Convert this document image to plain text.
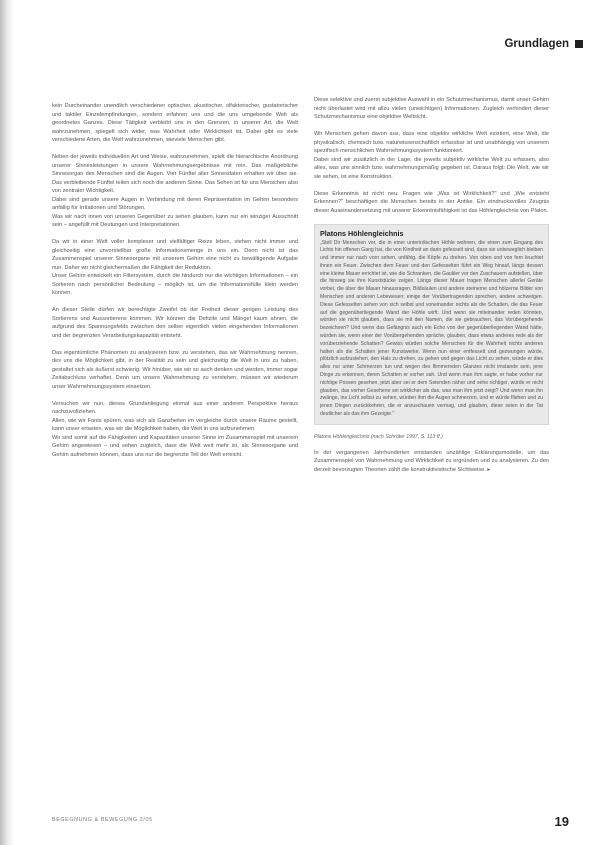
Grundlagen

kein Durcheinander unendlich verschiedener optischer, akustischer, olfaktorischer, gustatorischer und taktiler Einzelempfindungen, sondern erfahren uns und die uns umgebende Welt als geordnetes Ganzes. Diese Tätigkeit verbleibt uns in den Grenzen, in unserer Art, die Welt wahrzunehmen, spiegelt sich wider, was Wahrheit oder Wirklichkeit ist. Dabei gibt es viele verschiedene Arten, die Welt wahrzunehmen, wieviele Menschen gibt.

Neben der jeweils individuellen Art und Weise, wahrzunehmen, spielt die hierarchische Anordnung unserer Sinnesleistungen in unsere Wahrnehmungsergebnisse mit rein. Das maßgebliche Sinnesorgan des Menschen sind die Augen. Vier Fünftel aller Sinnesdaten erhalten wir über sie. Das verbleibende Fünftel teilen sich noch die anderen Sinne. Das Sehen ist für uns Menschen also von zentraler Wichtigkeit.

Dabei sind gerade unsere Augen in Verbindung mit deren Repräsentation im Gehirn besonders anfällig für Irritationen und Störungen.

Was wir nach innen von unseren Gegenüber zu sehen glauben, kann nur ein winziger Ausschnitt sein – angefüllt mit Deutungen und Interpretationen.

Da wir in einer Welt voller komplexer und vielfältiger Reize leben, stehen nicht immer und gleichzeitig eine unvorstellbar große Informationsmenge in uns ein. Denn nicht ist das Zusammenspiel unserer Sinnesorgane mit unserem Gehirn eine nicht zu bewältigende Aufgabe nun. Daher wir nicht gleichermaßen die Fähigkeit der Reduktion.

Unser Gehirn entwickelt ein Filtersystem, durch die hindurch nur die wichtigen Informationen – ein Sortieren nach persönlicher Bedeutung – möglich ist, um die Informationsfülle klein werden können.

An dieser Stelle dürfen wir berechtigte Zweifel ob der Freiheit dieser gerigen Leistung des Sortierens und Aussortierens kommen. Wir können die Defizite und Mängel kaum ahnen, die aufgrund des Spannungsfelds zwischen den selber eigentlich vielen eingehenden Informationen und der begrenzten Verarbeitungskapazität entsteht.

Das eigentümliche Phänomen zu analysieren bzw. zu verstehen, das wir Wahrnehmung nennen, des uns die Möglichkeit gibt, in der Realität zu sein und gleichzeitig die Welt in uns zu haben, gestaltet sich als äußerst schwierig. Wir hinüber, wie wir so auch denken und werden, immer sogar Zeitabschluss verhaftet. Denn um unsere Wahrnehmung zu verstehen, müssen wir wiederum unser Wahrnehmungssystem einsetzen.

Versuchen wir nun, dieses Grundanliegung einmal aus einer anderen Perspektive heraus nachzuvollziehen.

Allen, wie wir Fonts spüren, was sich als Ganzheiten im vergleiche durch unsere Räume gestellt, kann unser ertasten, was wir die Möglichkeit haben, die Welt in uns aufzunehmen.

Wir sind somit auf die Fähigkeiten und Kapazitäten unserer Sinne im Zusammenspiel mit unserem Gehirn angewiesen – und sehen zugleich, dass die Welt weit mehr ist, als Sinnesorgane und Gehirn aufnehmen können, dass uns nur die begrenzte Teil der Welt erreicht.

Diese selektive und zuerst subjektive Auswahl in ein Schutzmechanismus, damit unser Gehirn nicht überlastet wird mit allzu vielen (unwichtigen) Informationen. Zugleich verhindert dieser Schutzmechanismus eine objektive Weltsicht.

Wir Menschen gehen davon aus, dass eine objektiv wirkliche Welt existiert, eine Welt, die physikalisch, chemisch bzw. naturwissenschaftlich erfassbar ist und unabhängig von unserem spezifisch menschlichen Wahrnehmungssystem funktioniert.

Dabei sind wir zusätzlich in der Lage, die jeweils subjektiv wirkliche Welt zu erfassen, also alles, was uns sinnlich bzw. wahrnehmungsmäßig gegeben ist. Daraus folgt: Die Welt, wie wir sie sehen, ist eine Konstruktion.

Diese Erkenntnis ist nicht neu. Fragen wie „Was ist Wirklichkeit?" und „Wie entsteht Erkennen?" beschäftigen die Menschen bereits in der Antike. Ein eindrucksvolles Zeugnis dieser Auseinandersetzung mit unserer Erkenntnisfähigkeit ist das Höhlengleichnis von Platon.

Platons Höhlengleichnis
„Stell Dir Menschen vor, die in einer unterirdischen Höhle wohnen, die einen zum Eingang des Lichts hin offenen Gang hat, die von Kindheit an darin gefesselt sind, dass sie unbeweglich bleiben und immer nur nach vorn sehen, unfähig, die Köpfe zu drehen. Von oben und von fern leuchtet ihnen ein Feuer. Zwischen dem Feuer und den Gefesselten führt ein Weg hinauf, längs dessen eine kleine Mauer errichtet ist, wie die Schranken, die Gaukler vor den Zuschauern aufstellen, über die hinweg sie ihre Kunststücke zeigen. Längs dieser Mauer tragen Menschen allerlei Geräte vorbei, die über die Mauer hinausragen, Bildsäulen und andere steinerne und hölzerne Bilder von Menschen und anderen Lebewesen; einige der Vorübertragenden sprechen, andere schweigen. Diese Gefesselten sehen von sich selbst und voneinander nichts als die Schatten, die das Feuer auf die gegenüberliegende Wand der Höhle wirft. Und wenn sie miteinander reden könnten, würden sie nicht glauben, dass sie mit den Namen, die sie gebrauchen, das Vorübergehende bezeichnen? Und wenn das Gefängnis auch ein Echo von der gegenüberliegenden Wand hätte, würden sie, wenn einer der Vorübergehenden spräche, glauben, dass etwas anderes rede als der vorüberziehende Schatten? Gewiss würden solche Menschen für die Wahrheit nichts anderes halten als die Schatten jener Kunstwerke. Wenn nun einer entfesselt und gezwungen würde, plötzlich aufzustehen, den Hals zu drehen, zu gehen und gegen das Licht zu sehen, würde er dies alles nur unter Schmerzen tun und wegen des flimmernden Glanzes nicht imstande sein, jene Dinge zu erkennen, deren Schatten er vorher sah. Und wenn man ihm sagte, er habe vorher nur nichtige Possen gesehen, jetzt aber sei er dem Seienden näher und sehe richtiger, würde er nicht glauben, das vorher Gesehene sei wirklicher als das, was man ihm jetzt zeigt? Und wenn man ihn zwänge, ins Licht selbst zu sehen, würden ihm die Augen schmerzen, und er würde fliehen und zu jenen Dingen zurückkehren, die er anzuschauen vermag, und glauben, diese seien in der Tat deutlicher als das ihm Gezeigte."

Platons Höhlengleichnis (nach Schröter 1997, S. 113 ff.)

In der vergangenen Jahrhunderten entstanden unzählige Erklärungsmodelle, um das Zusammenspiel von Wahrnehmung und Wirklichkeit zu ergründen und zu analysieren. Zu den derzeit bevorzugten Theorien zählt die konstruktivistische Sichtweise. ▸

BEGEGNUNG & BEWEGUNG 2/05	19
